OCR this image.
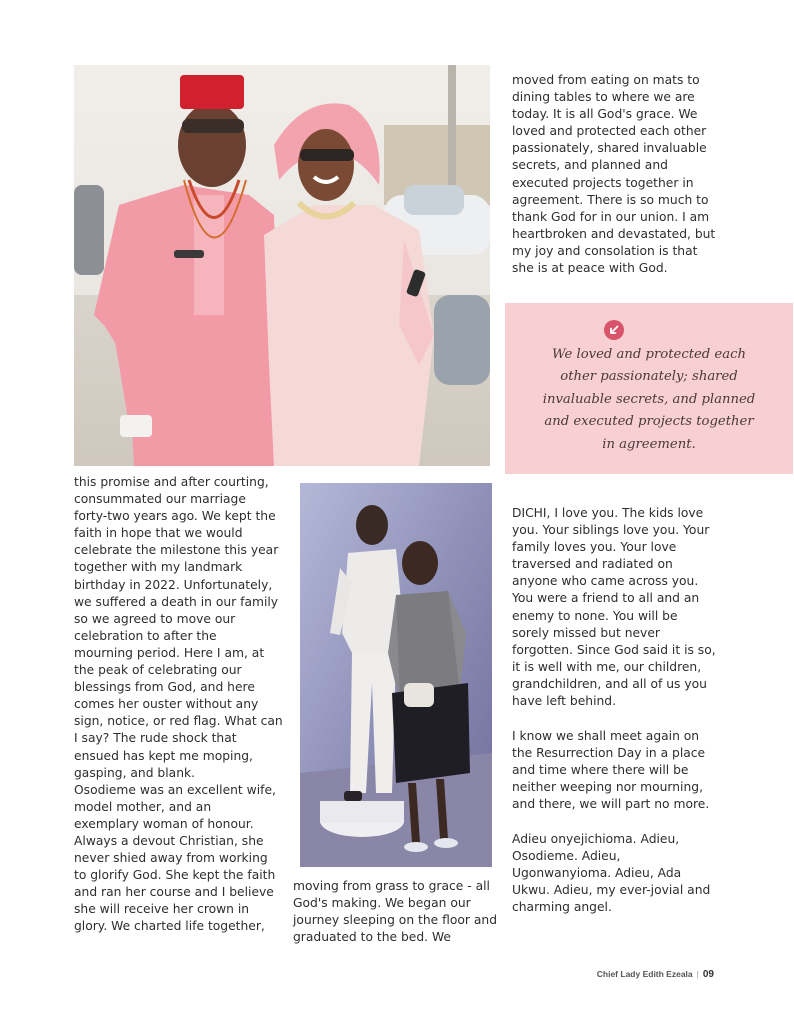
moved from eating on mats to
dining tables to where we are
today. It is all God's grace. We
loved and protected each other
passionately, shared invaluable
secrets, and planned and
executed projects together in
agreement. There is so much to
thank God for in our union. I am
heartbroken and devastated, but
my joy and consolation is that
she is at peace with God.
We loved and protected each
other passionately; shared
invaluable secrets, and planned
and executed projects together
in agreement.
this promise and after courting,
consummated our marriage
forty-two years ago. We kept the
faith in hope that we would
celebrate the milestone this year
together with my landmark
birthday in 2022. Unfortunately,
we suffered a death in our family
so we agreed to move our
celebration to after the
mourning period. Here I am, at
the peak of celebrating our
blessings from God, and here
comes her ouster without any
sign, notice, or red flag. What can
I say? The rude shock that
ensued has kept me moping,
gasping, and blank.
Osodieme was an excellent wife,
model mother, and an
exemplary woman of honour.
Always a devout Christian, she
never shied away from working
to glorify God. She kept the faith
and ran her course and I believe
she will receive her crown in
glory. We charted life together,
moving from grass to grace - all
God's making. We began our
journey sleeping on the floor and
graduated to the bed. We
DICHI, I love you. The kids love
you. Your siblings love you. Your
family loves you. Your love
traversed and radiated on
anyone who came across you.
You were a friend to all and an
enemy to none. You will be
sorely missed but never
forgotten. Since God said it is so,
it is well with me, our children,
grandchildren, and all of us you
have left behind.
I know we shall meet again on
the Resurrection Day in a place
and time where there will be
neither weeping nor mourning,
and there, we will part no more.
Adieu onyejichioma. Adieu,
Osodieme. Adieu,
Ugonwanyioma. Adieu, Ada
Ukwu. Adieu, my ever-jovial and
charming angel.
Chief Lady Edith Ezeala | 09
